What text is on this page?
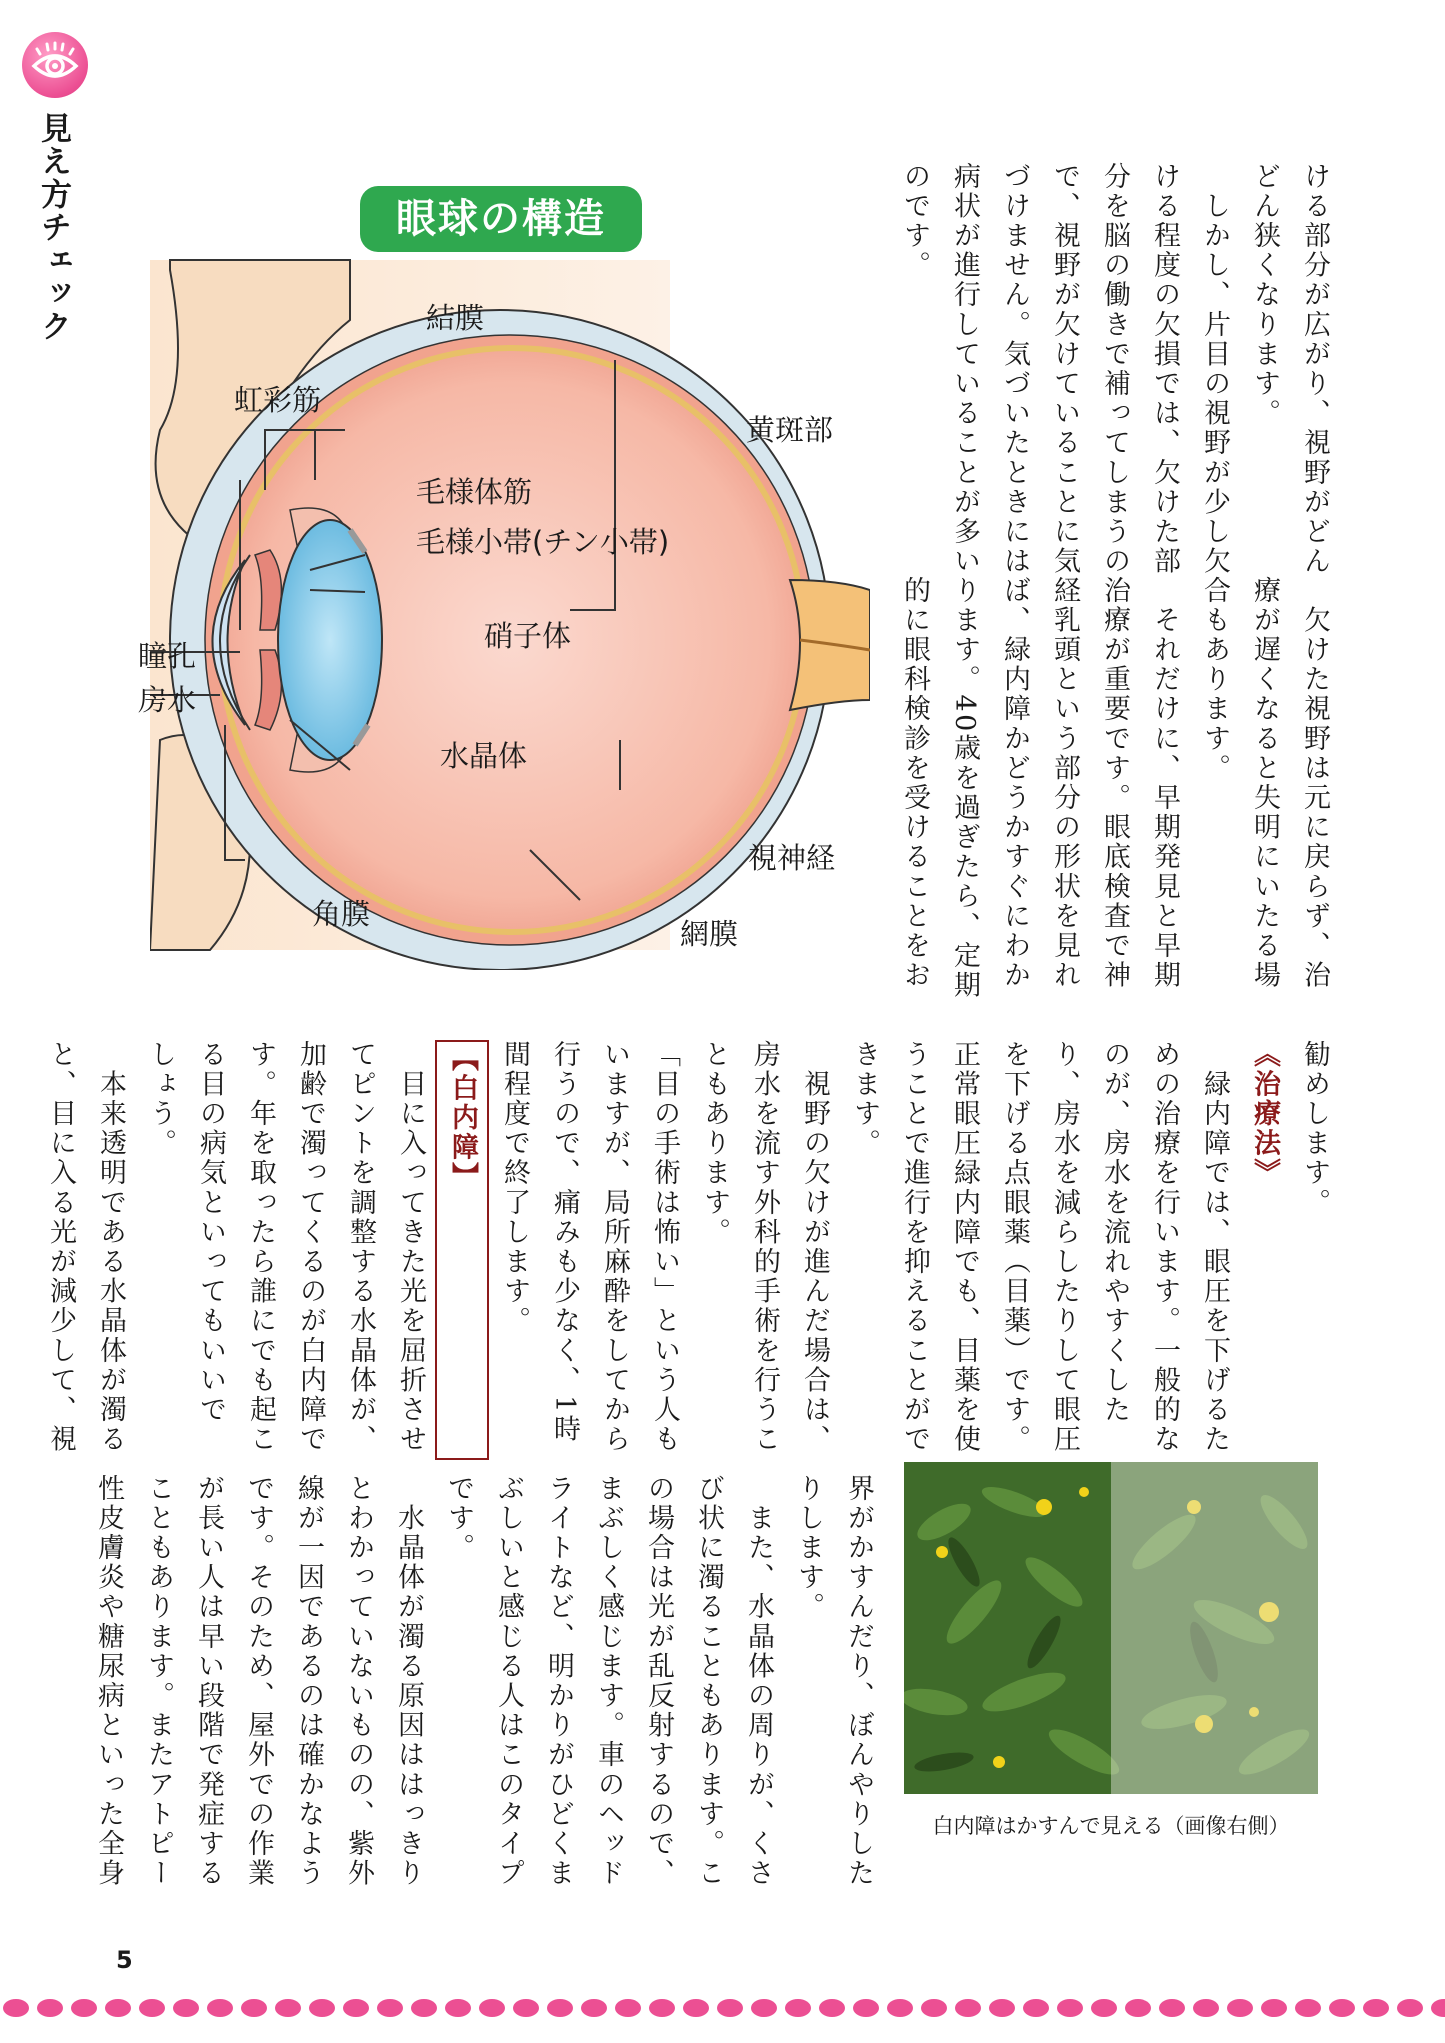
見え方チェック	眼球の構造
結膜
虹彩筋
黄斑部
毛様体筋
毛様小帯(チン小帯)
硝子体
瞳孔
房水
水晶体
視神経
角膜
網膜

ける部分が広がり、視野がどん

どん狭くなります。

　しかし、片目の視野が少し欠

ける程度の欠損では、欠けた部

分を脳の働きで補ってしまうの

で、視野が欠けていることに気

づけません。気づいたときには

病状が進行していることが多い

のです。

　欠けた視野は元に戻らず、治

療が遅くなると失明にいたる場

合もあります。

　それだけに、早期発見と早期

治療が重要です。眼底検査で神

経乳頭という部分の形状を見れ

ば、緑内障かどうかすぐにわか

ります。40歳を過ぎたら、定期

的に眼科検診を受けることをお

勧めします。

《治療法》

　緑内障では、眼圧を下げるた

めの治療を行います。一般的な

のが、房水を流れやすくした

り、房水を減らしたりして眼圧

を下げる点眼薬（目薬）です。

正常眼圧緑内障でも、目薬を使

うことで進行を抑えることがで

きます。

　視野の欠けが進んだ場合は、

房水を流す外科的手術を行うこ

ともあります。

「目の手術は怖い」という人も

いますが、局所麻酔をしてから

行うので、痛みも少なく、1時

間程度で終了します。

【白内障】

　目に入ってきた光を屈折させ

てピントを調整する水晶体が、

加齢で濁ってくるのが白内障で

す。年を取ったら誰にでも起こ

る目の病気といってもいいで

しょう。

　本来透明である水晶体が濁る

と、目に入る光が減少して、視

界がかすんだり、ぼんやりした

りします。

　また、水晶体の周りが、くさ

び状に濁ることもあります。こ

の場合は光が乱反射するので、

まぶしく感じます。車のヘッド

ライトなど、明かりがひどくま

ぶしいと感じる人はこのタイプ

です。

　水晶体が濁る原因ははっきり

とわかっていないものの、紫外

線が一因であるのは確かなよう

です。そのため、屋外での作業

が長い人は早い段階で発症する

こともあります。またアトピー

性皮膚炎や糖尿病といった全身	白内障はかすんで見える（画像右側）
5
